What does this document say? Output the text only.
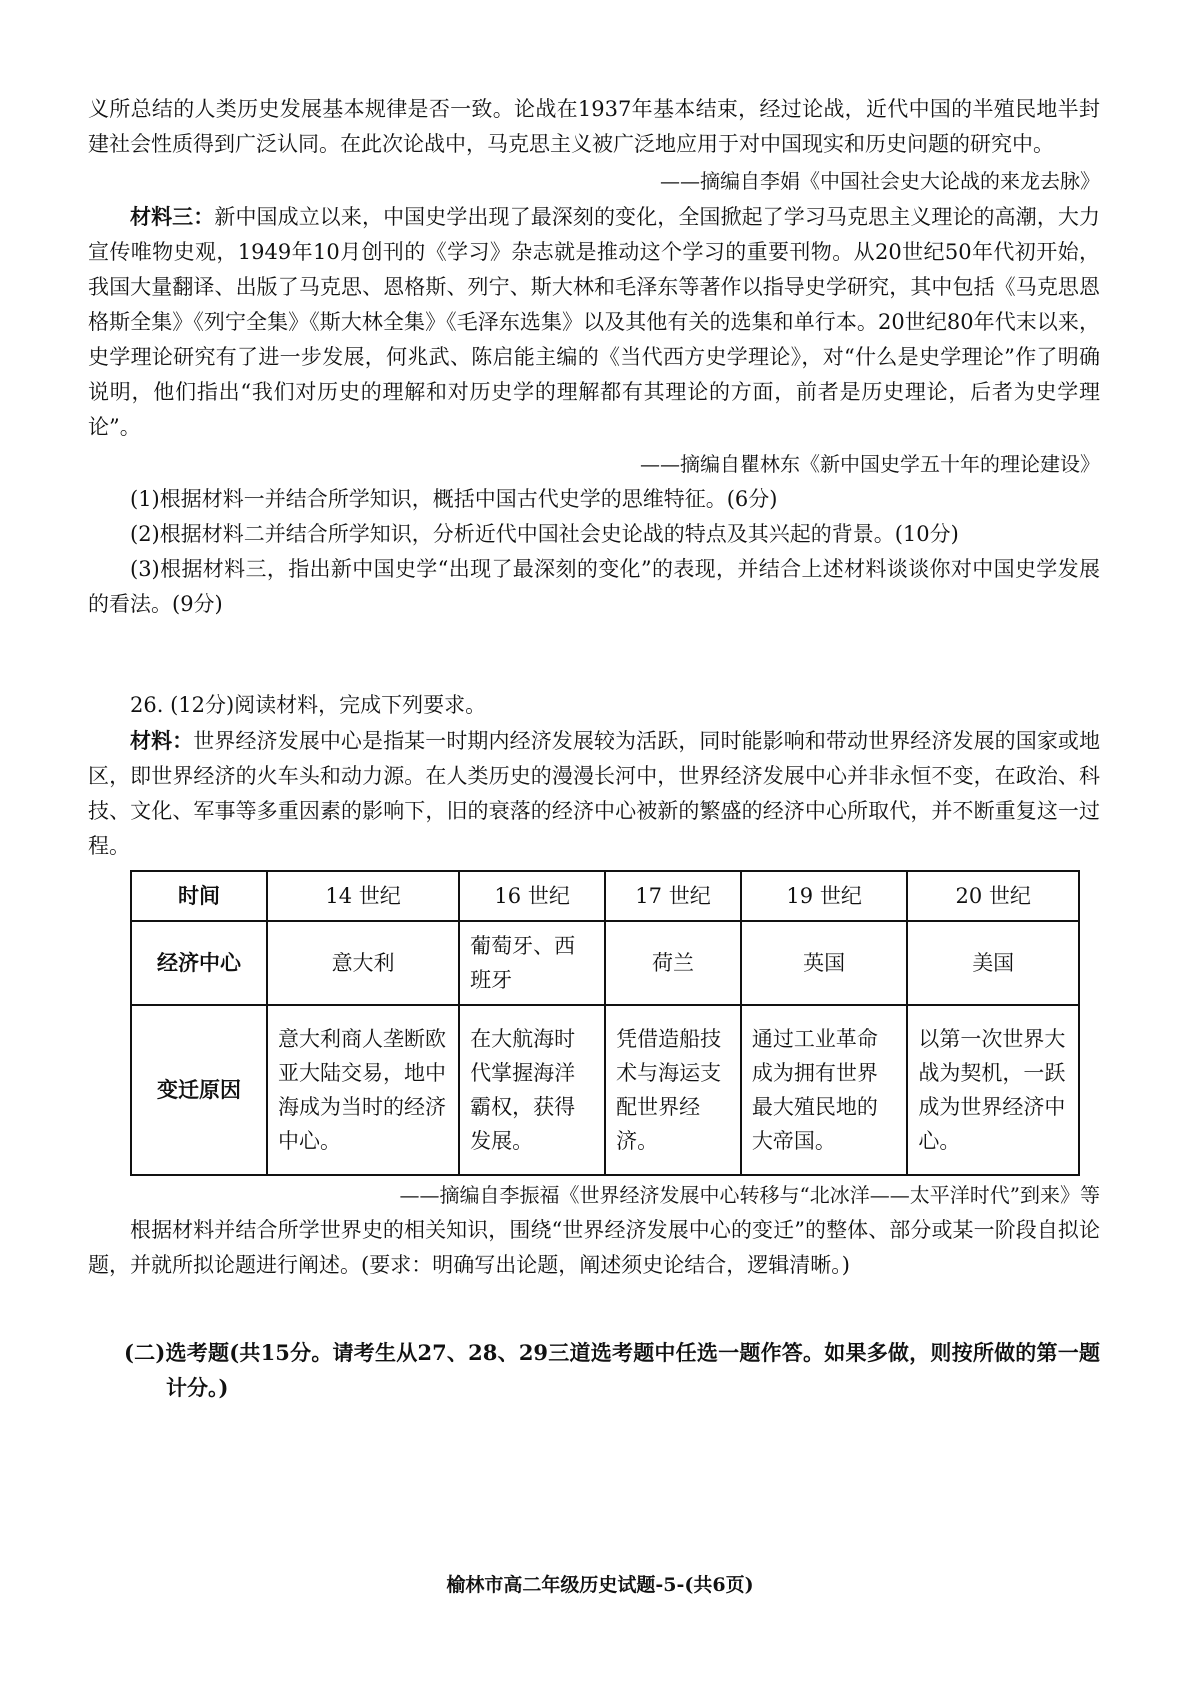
义所总结的人类历史发展基本规律是否一致。论战在1937年基本结束，经过论战，近代中国的半殖民地半封建社会性质得到广泛认同。在此次论战中，马克思主义被广泛地应用于对中国现实和历史问题的研究中。

——摘编自李娟《中国社会史大论战的来龙去脉》

材料三：新中国成立以来，中国史学出现了最深刻的变化，全国掀起了学习马克思主义理论的高潮，大力宣传唯物史观，1949年10月创刊的《学习》杂志就是推动这个学习的重要刊物。从20世纪50年代初开始，我国大量翻译、出版了马克思、恩格斯、列宁、斯大林和毛泽东等著作以指导史学研究，其中包括《马克思恩格斯全集》《列宁全集》《斯大林全集》《毛泽东选集》以及其他有关的选集和单行本。20世纪80年代末以来，史学理论研究有了进一步发展，何兆武、陈启能主编的《当代西方史学理论》，对“什么是史学理论”作了明确说明，他们指出“我们对历史的理解和对历史学的理解都有其理论的方面，前者是历史理论，后者为史学理论”。

——摘编自瞿林东《新中国史学五十年的理论建设》

(1)根据材料一并结合所学知识，概括中国古代史学的思维特征。(6分)

(2)根据材料二并结合所学知识，分析近代中国社会史论战的特点及其兴起的背景。(10分)

(3)根据材料三，指出新中国史学“出现了最深刻的变化”的表现，并结合上述材料谈谈你对中国史学发展的看法。(9分)

26. (12分)阅读材料，完成下列要求。

材料：世界经济发展中心是指某一时期内经济发展较为活跃，同时能影响和带动世界经济发展的国家或地区，即世界经济的火车头和动力源。在人类历史的漫漫长河中，世界经济发展中心并非永恒不变，在政治、科技、文化、军事等多重因素的影响下，旧的衰落的经济中心被新的繁盛的经济中心所取代，并不断重复这一过程。

时间	14 世纪	16 世纪	17 世纪	19 世纪	20 世纪
经济中心	意大利	葡萄牙、西班牙	荷兰	英国	美国
变迁原因	意大利商人垄断欧亚大陆交易，地中海成为当时的经济中心。	在大航海时代掌握海洋霸权，获得发展。	凭借造船技术与海运支配世界经济。	通过工业革命成为拥有世界最大殖民地的大帝国。	以第一次世界大战为契机，一跃成为世界经济中心。

——摘编自李振福《世界经济发展中心转移与“北冰洋——太平洋时代”到来》等

根据材料并结合所学世界史的相关知识，围绕“世界经济发展中心的变迁”的整体、部分或某一阶段自拟论题，并就所拟论题进行阐述。(要求：明确写出论题，阐述须史论结合，逻辑清晰。)

(二)选考题(共15分。请考生从27、28、29三道选考题中任选一题作答。如果多做，则按所做的第一题计分。)

榆林市高二年级历史试题-5-(共6页)
